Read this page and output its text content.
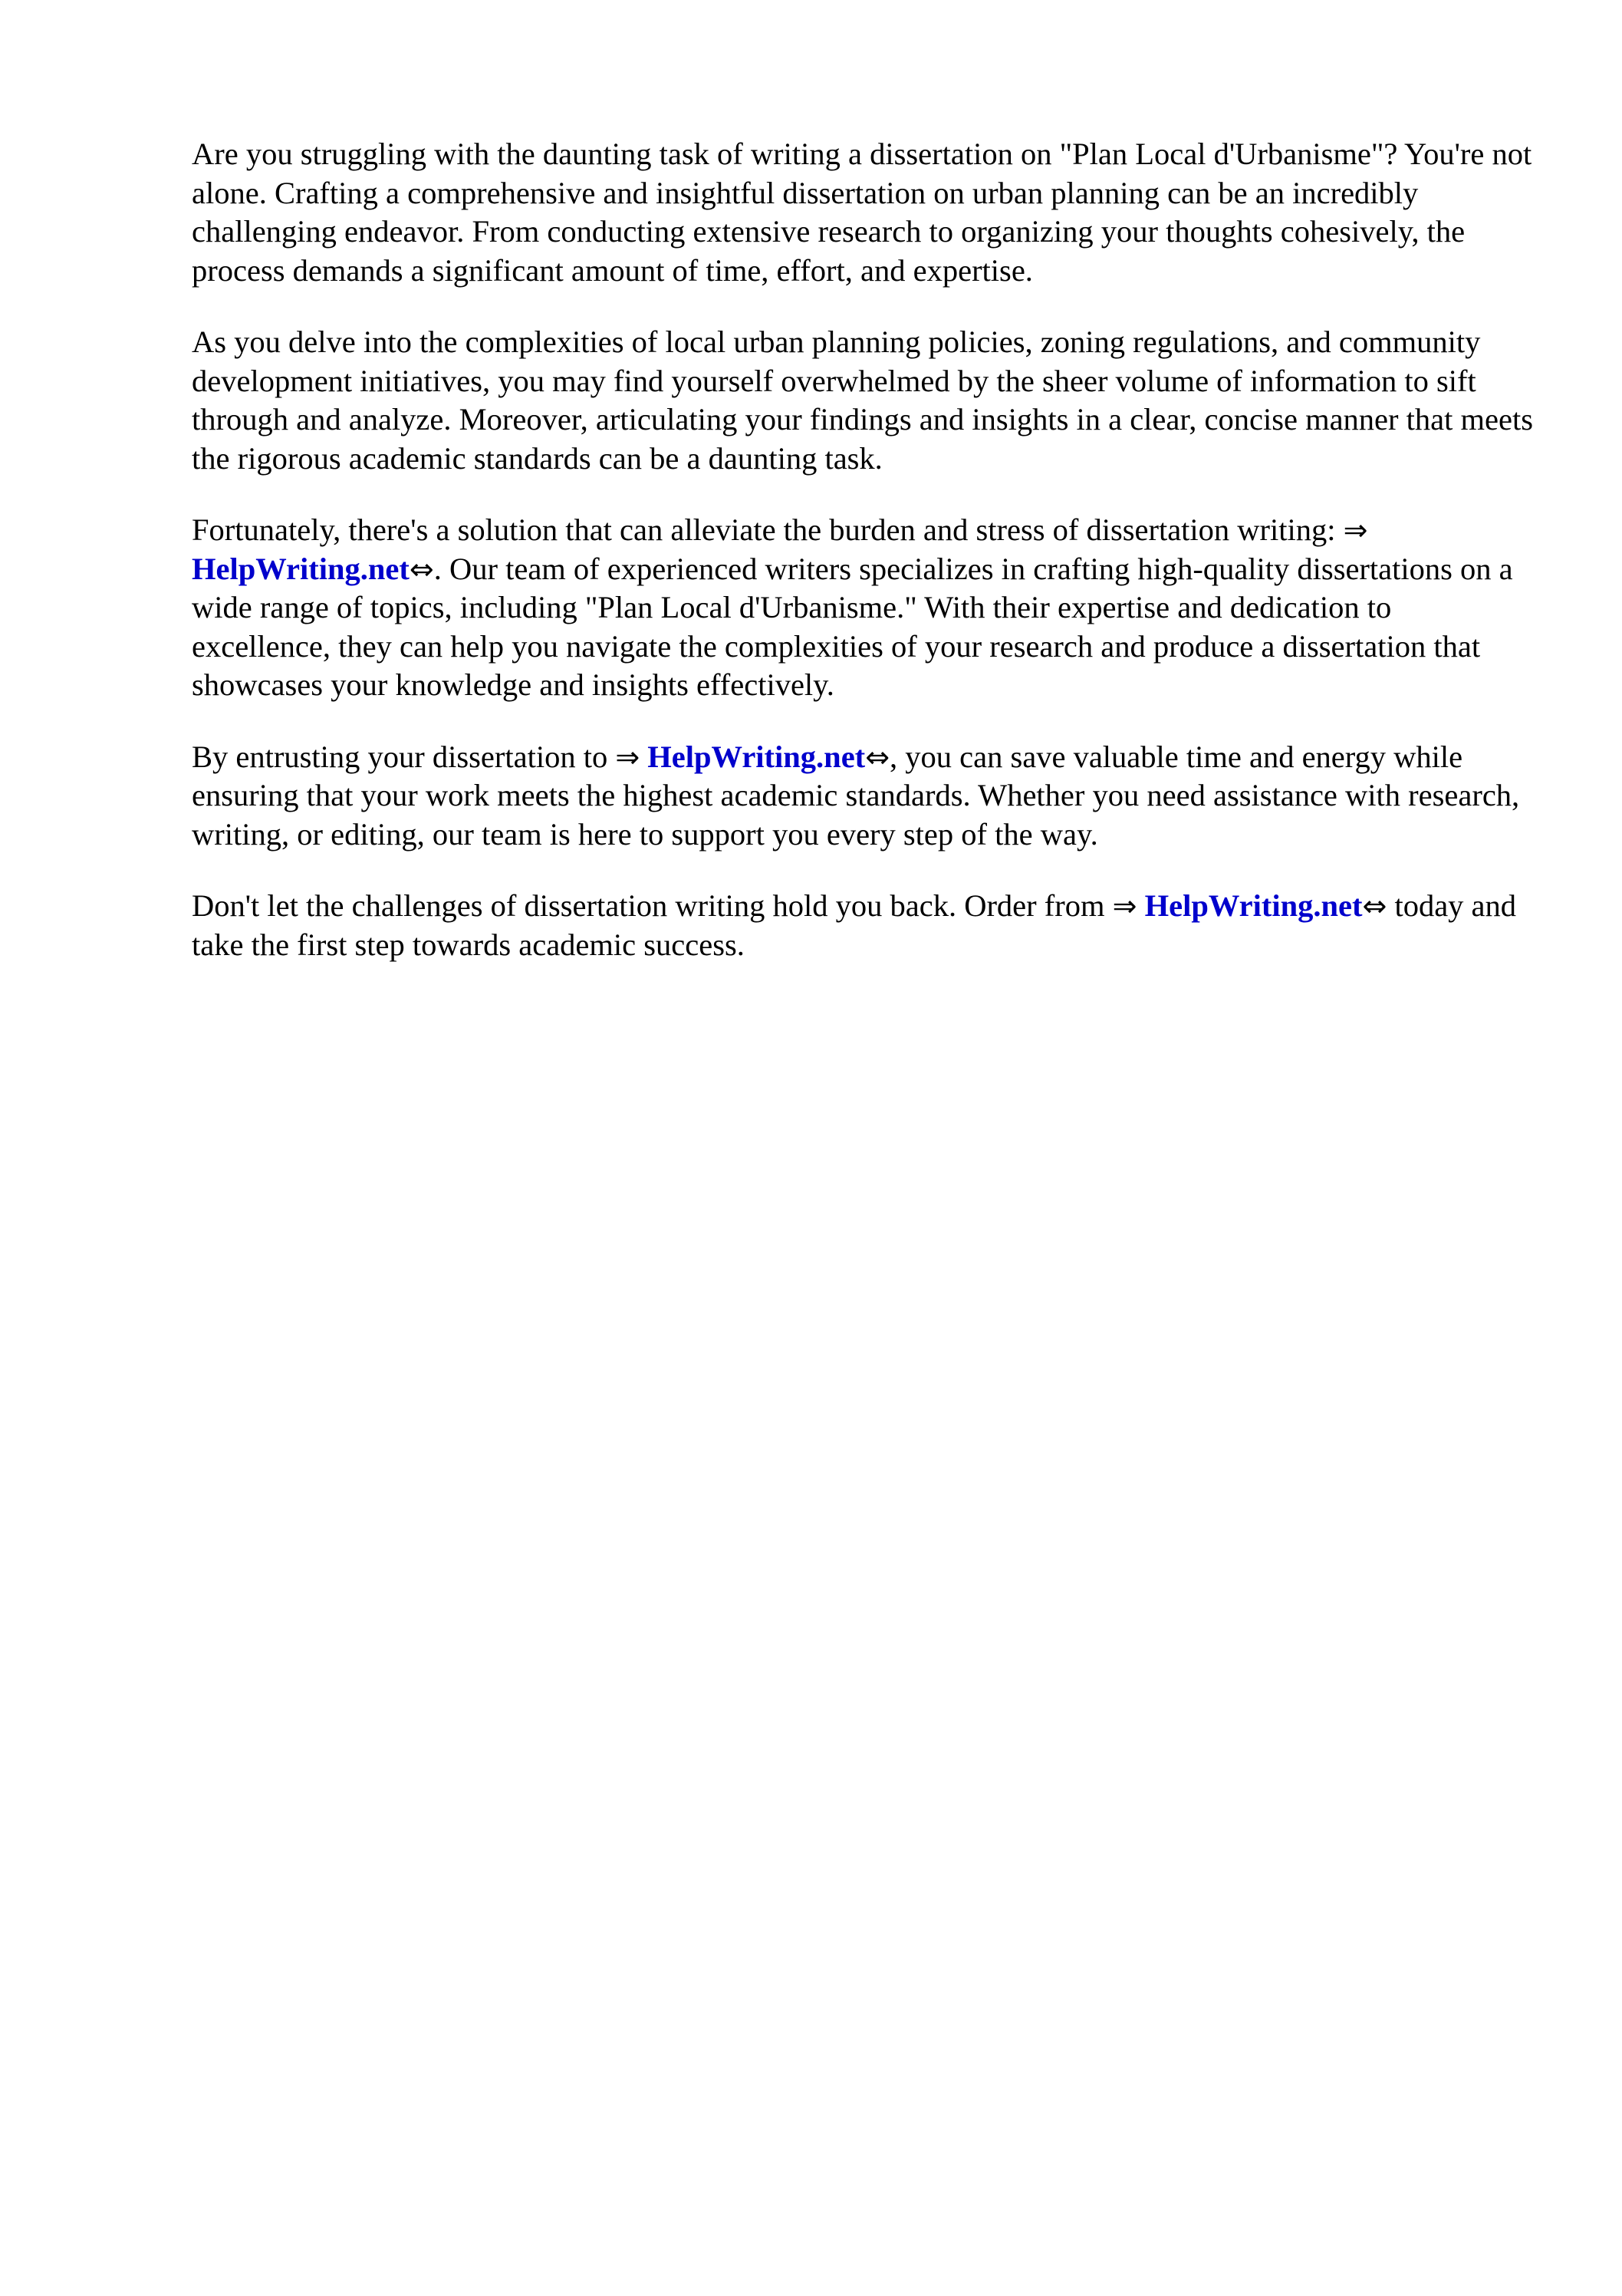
Are you struggling with the daunting task of writing a dissertation on "Plan Local d'Urbanisme"? You're not alone. Crafting a comprehensive and insightful dissertation on urban planning can be an incredibly challenging endeavor. From conducting extensive research to organizing your thoughts cohesively, the process demands a significant amount of time, effort, and expertise.

As you delve into the complexities of local urban planning policies, zoning regulations, and community development initiatives, you may find yourself overwhelmed by the sheer volume of information to sift through and analyze. Moreover, articulating your findings and insights in a clear, concise manner that meets the rigorous academic standards can be a daunting task.

Fortunately, there's a solution that can alleviate the burden and stress of dissertation writing: ⇒ HelpWriting.net⇔. Our team of experienced writers specializes in crafting high-quality dissertations on a wide range of topics, including "Plan Local d'Urbanisme." With their expertise and dedication to excellence, they can help you navigate the complexities of your research and produce a dissertation that showcases your knowledge and insights effectively.

By entrusting your dissertation to ⇒ HelpWriting.net⇔, you can save valuable time and energy while ensuring that your work meets the highest academic standards. Whether you need assistance with research, writing, or editing, our team is here to support you every step of the way.

Don't let the challenges of dissertation writing hold you back. Order from ⇒ HelpWriting.net⇔ today and take the first step towards academic success.
